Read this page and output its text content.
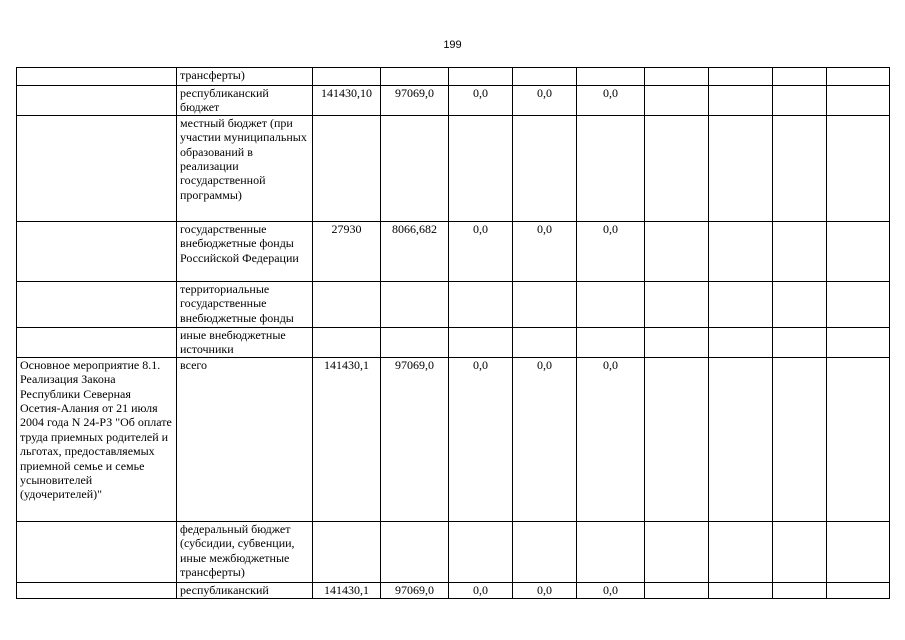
199
	трансферты)									
	республиканский бюджет	141430,10	97069,0	0,0	0,0	0,0				
	местный бюджет (при участии муниципальных образований в реализации государственной программы)									
	государственные внебюджетные фонды Российской Федерации	27930	8066,682	0,0	0,0	0,0				
	территориальные государственные внебюджетные фонды									
	иные внебюджетные источники									
Основное мероприятие 8.1. Реализация Закона Республики Северная Осетия-Алания от 21 июля 2004 года N 24-РЗ "Об оплате труда приемных родителей и льготах, предоставляемых приемной семье и семье усыновителей (удочерителей)"	всего	141430,1	97069,0	0,0	0,0	0,0				
	федеральный бюджет (субсидии, субвенции, иные межбюджетные трансферты)									
	республиканский	141430,1	97069,0	0,0	0,0	0,0				
